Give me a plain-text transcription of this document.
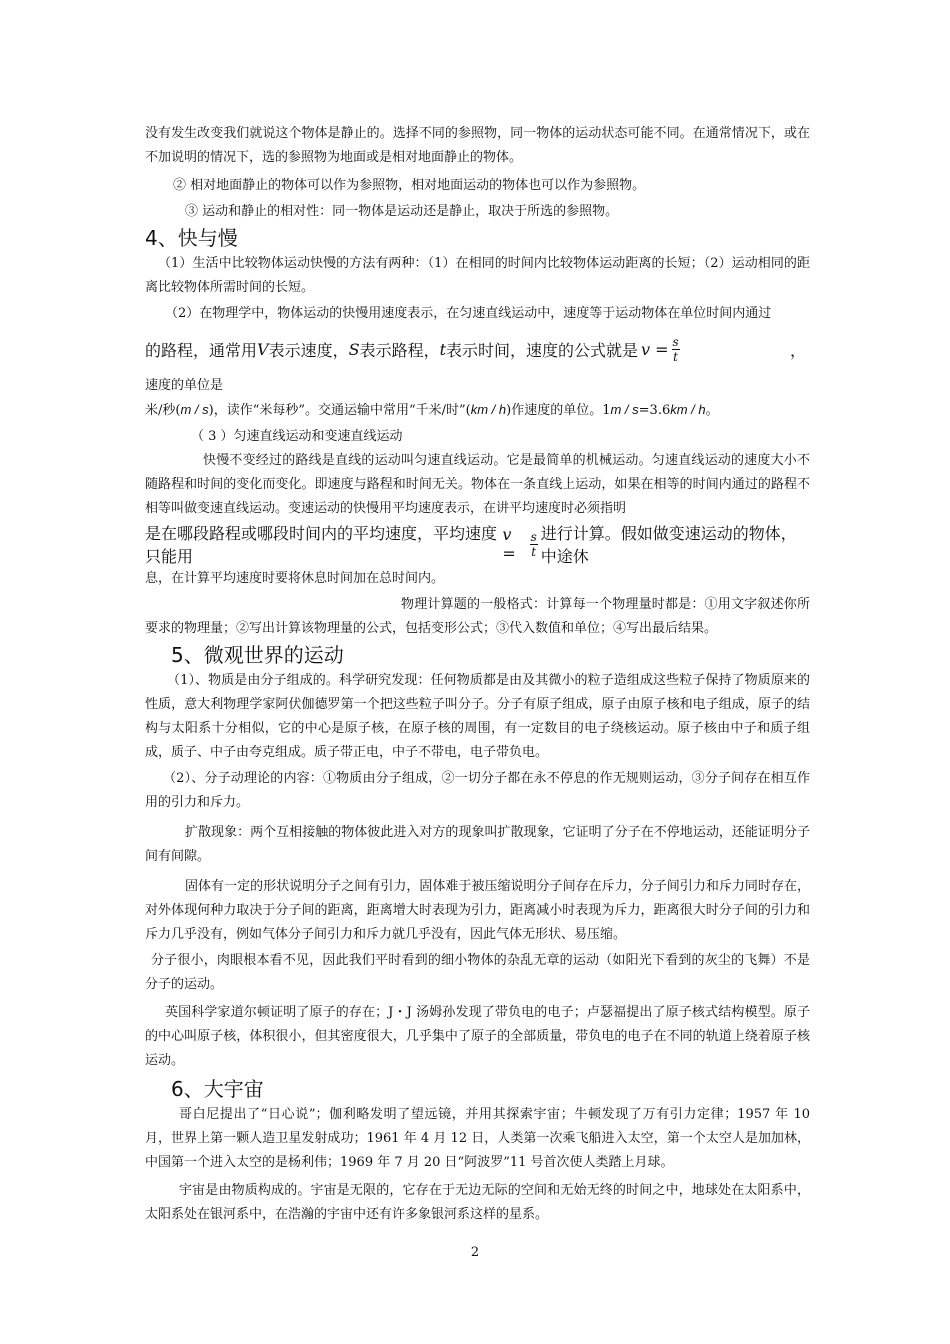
没有发生改变我们就说这个物体是静止的。选择不同的参照物，同一物体的运动状态可能不同。在通常情况下，或在不加说明的情况下，选的参照物为地面或是相对地面静止的物体。

② 相对地面静止的物体可以作为参照物，相对地面运动的物体也可以作为参照物。

③ 运动和静止的相对性：同一物体是运动还是静止，取决于所选的参照物。

4、快与慢

（1）生活中比较物体运动快慢的方法有两种：（1）在相同的时间内比较物体运动距离的长短；（2）运动相同的距离比较物体所需时间的长短。

（2）在物理学中，物体运动的快慢用速度表示，在匀速直线运动中，速度等于运动物体在单位时间内通过

的路程，通常用 V 表示速度， S 表示路程， t 表示时间，速度的公式就是 $v = \frac{s}{t}$	，

速度的单位是

米/秒(m / s)，读作“米每秒”。交通运输中常用“千米/时”(km / h)作速度的单位。1m / s=3.6km / h。

（ 3 ）匀速直线运动和变速直线运动

快慢不变经过的路线是直线的运动叫匀速直线运动。它是最简单的机械运动。匀速直线运动的速度大小不随路程和时间的变化而变化。即速度与路程和时间无关。物体在一条直线上运动，如果在相等的时间内通过的路程不相等叫做变速直线运动。变速运动的快慢用平均速度表示，在讲平均速度时必须指明

是在哪段路程或哪段时间内的平均速度，平均速度只能用
v =	$\frac{s}{t}$ 进行计算。假如做变速运动的物体，中途休

息，在计算平均速度时要将休息时间加在总时间内。

物理计算题的一般格式：计算每一个物理量时都是：①用文字叙述你所要求的物理量；②写出计算该物理量的公式，包括变形公式；③代入数值和单位；④写出最后结果。

5、微观世界的运动

（1）、物质是由分子组成的。科学研究发现：任何物质都是由及其微小的粒子造组成这些粒子保持了物质原来的性质，意大利物理学家阿伏伽德罗第一个把这些粒子叫分子。分子有原子组成，原子由原子核和电子组成，原子的结构与太阳系十分相似，它的中心是原子核，在原子核的周围，有一定数目的电子绕核运动。原子核由中子和质子组成，质子、中子由夸克组成。质子带正电，中子不带电，电子带负电。

（2）、分子动理论的内容：①物质由分子组成，②一切分子都在永不停息的作无规则运动，③分子间存在相互作用的引力和斥力。

扩散现象：两个互相接触的物体彼此进入对方的现象叫扩散现象，它证明了分子在不停地运动，还能证明分子间有间隙。

固体有一定的形状说明分子之间有引力，固体难于被压缩说明分子间存在斥力，分子间引力和斥力同时存在，对外体现何种力取决于分子间的距离，距离增大时表现为引力，距离减小时表现为斥力，距离很大时分子间的引力和斥力几乎没有，例如气体分子间引力和斥力就几乎没有，因此气体无形状、易压缩。

分子很小，肉眼根本看不见，因此我们平时看到的细小物体的杂乱无章的运动（如阳光下看到的灰尘的飞舞）不是分子的运动。

英国科学家道尔顿证明了原子的存在；J・J 汤姆孙发现了带负电的电子；卢瑟福提出了原子核式结构模型。原子的中心叫原子核，体积很小，但其密度很大，几乎集中了原子的全部质量，带负电的电子在不同的轨道上绕着原子核运动。

6、大宇宙

哥白尼提出了“日心说”；伽利略发明了望远镜，并用其探索宇宙；牛顿发现了万有引力定律；1957 年 10 月，世界上第一颗人造卫星发射成功；1961 年 4 月 12 日，人类第一次乘飞船进入太空，第一个太空人是加加林，中国第一个进入太空的是杨利伟；1969 年 7 月 20 日“阿波罗”11 号首次使人类踏上月球。

宇宙是由物质构成的。宇宙是无限的，它存在于无边无际的空间和无始无终的时间之中，地球处在太阳系中，太阳系处在银河系中，在浩瀚的宇宙中还有许多象银河系这样的星系。

2
